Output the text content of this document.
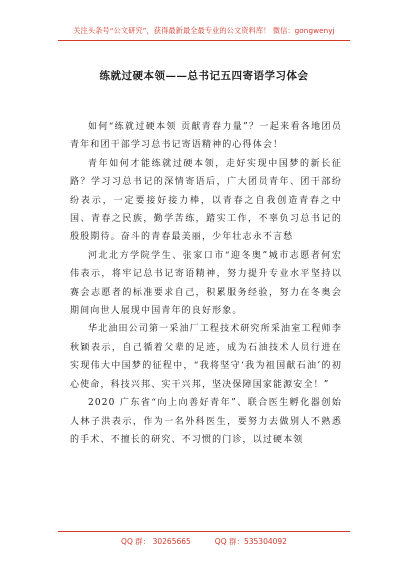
关注头条号“公文研究”，获得最新最全最专业的公文资料库！ 微信：gongwenyj
练就过硬本领——总书记五四寄语学习体会

如何“练就过硬本领 贡献青春力量”？一起来看各地团员青年和团干部学习总书记寄语精神的心得体会！

青年如何才能练就过硬本领，走好实现中国梦的新长征路？学习习总书记的深情寄语后，广大团员青年、团干部纷纷表示，一定要接好接力棒，以青春之自我创造青春之中国、青春之民族，勤学苦练，踏实工作，不辜负习总书记的殷殷期待。奋斗的青春最美丽，少年壮志永不言愁

河北北方学院学生、张家口市“迎冬奥”城市志愿者何宏伟表示，将牢记总书记寄语精神，努力提升专业水平坚持以赛会志愿者的标准要求自己，积累服务经验，努力在冬奥会期间向世人展现中国青年的良好形象。

华北油田公司第一采油厂工程技术研究所采油室工程师李秋颖表示，自己循着父辈的足迹，成为石油技术人员行进在实现伟大中国梦的征程中，“我将坚守‘我为祖国献石油’的初心使命，科技兴邦、实干兴邦，坚决保障国家能源安全！”

2020 广东省“向上向善好青年”、联合医生孵化器创始人林子洪表示，作为一名外科医生，要努力去做别人不熟悉的手术、不擅长的研究、不习惯的门诊，以过硬本领

QQ 群： 30265665	QQ 群：535304092
